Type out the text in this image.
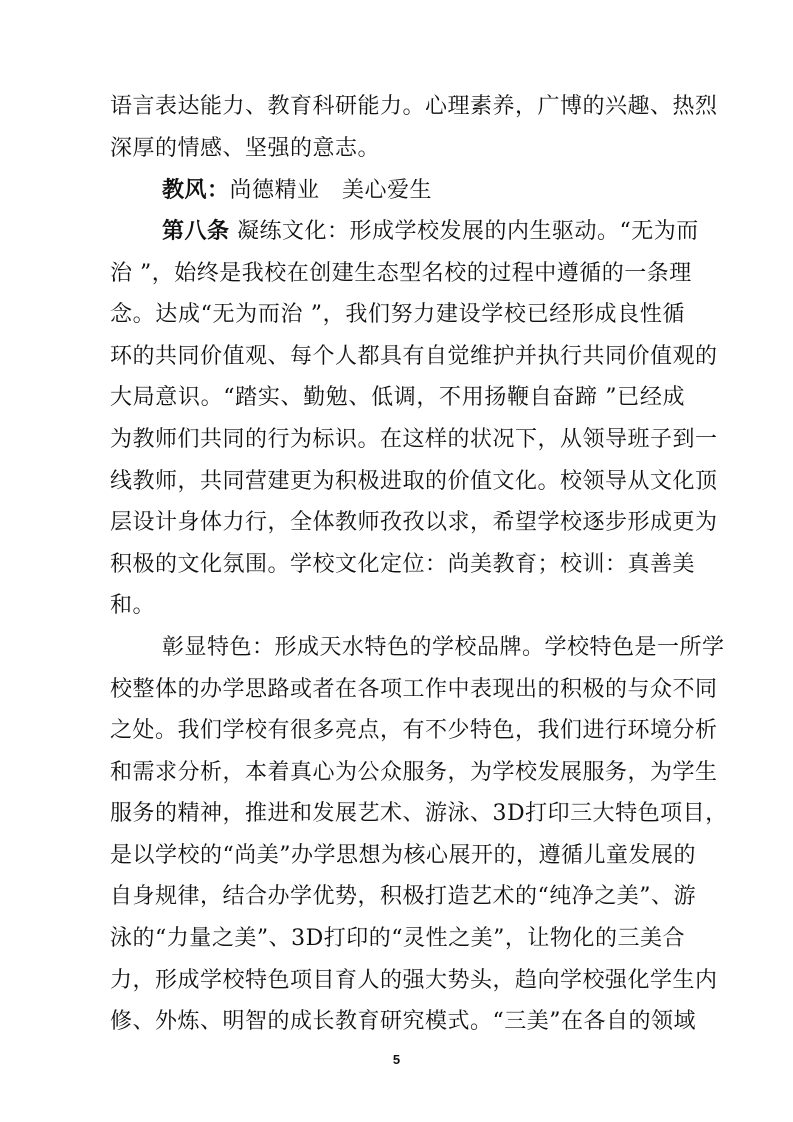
语言表达能力、教育科研能力。心理素养，广博的兴趣、热烈
深厚的情感、坚强的意志。
教风：尚德精业　美心爱生
第八条 凝练文化：形成学校发展的内生驱动。“无为而
治 ”，始终是我校在创建生态型名校的过程中遵循的一条理
念。达成“无为而治 ”，我们努力建设学校已经形成良性循
环的共同价值观、每个人都具有自觉维护并执行共同价值观的
大局意识。“踏实、勤勉、低调，不用扬鞭自奋蹄 ”已经成
为教师们共同的行为标识。在这样的状况下，从领导班子到一
线教师，共同营建更为积极进取的价值文化。校领导从文化顶
层设计身体力行，全体教师孜孜以求，希望学校逐步形成更为
积极的文化氛围。学校文化定位：尚美教育；校训：真善美
和。
彰显特色：形成天水特色的学校品牌。学校特色是一所学
校整体的办学思路或者在各项工作中表现出的积极的与众不同
之处。我们学校有很多亮点，有不少特色，我们进行环境分析
和需求分析，本着真心为公众服务，为学校发展服务，为学生
服务的精神，推进和发展艺术、游泳、3D打印三大特色项目，
是以学校的“尚美”办学思想为核心展开的，遵循儿童发展的
自身规律，结合办学优势，积极打造艺术的“纯净之美”、游
泳的“力量之美”、3D打印的“灵性之美”，让物化的三美合
力，形成学校特色项目育人的强大势头，趋向学校强化学生内
修、外炼、明智的成长教育研究模式。“三美”在各自的领域
5
